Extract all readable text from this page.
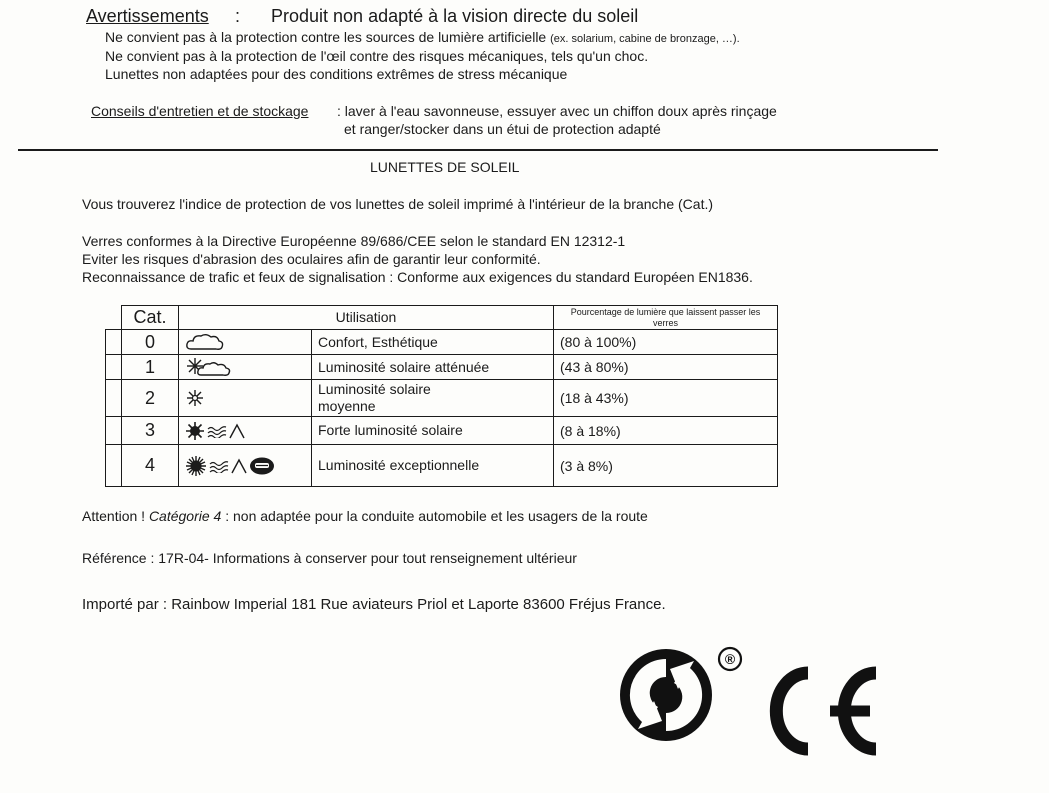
Avertissements : Produit non adapté à la vision directe du soleil
Ne convient pas à la protection contre les sources de lumière artificielle (ex. solarium, cabine de bronzage, …).
Ne convient pas à la protection de l'œil contre des risques mécaniques, tels qu'un choc.
Lunettes non adaptées pour des conditions extrêmes de stress mécanique
Conseils d'entretien et de stockage : laver à l'eau savonneuse, essuyer avec un chiffon doux après rinçage
et ranger/stocker dans un étui de protection adapté
LUNETTES DE SOLEIL
Vous trouverez l'indice de protection de vos lunettes de soleil imprimé à l'intérieur de la branche (Cat.)
Verres conformes à la Directive Européenne 89/686/CEE selon le standard EN 12312-1
Eviter les risques d'abrasion des oculaires afin de garantir leur conformité.
Reconnaissance de trafic et feux de signalisation : Conforme aux exigences du standard Européen EN1836.
	Cat.	Utilisation		Pourcentage de lumière que laissent passer les verres
	0		Confort, Esthétique	(80 à 100%)
	1		Luminosité solaire atténuée	(43 à 80%)
	2		Luminosité solaire moyenne	(18 à 43%)
	3		Forte luminosité solaire	(8 à 18%)
	4		Luminosité exceptionnelle	(3 à 8%)
Attention ! Catégorie 4 : non adaptée pour la conduite automobile et les usagers de la route
Référence : 17R-04- Informations à conserver pour tout renseignement ultérieur
Importé par : Rainbow Imperial 181 Rue aviateurs Priol et Laporte 83600 Fréjus France.
®
